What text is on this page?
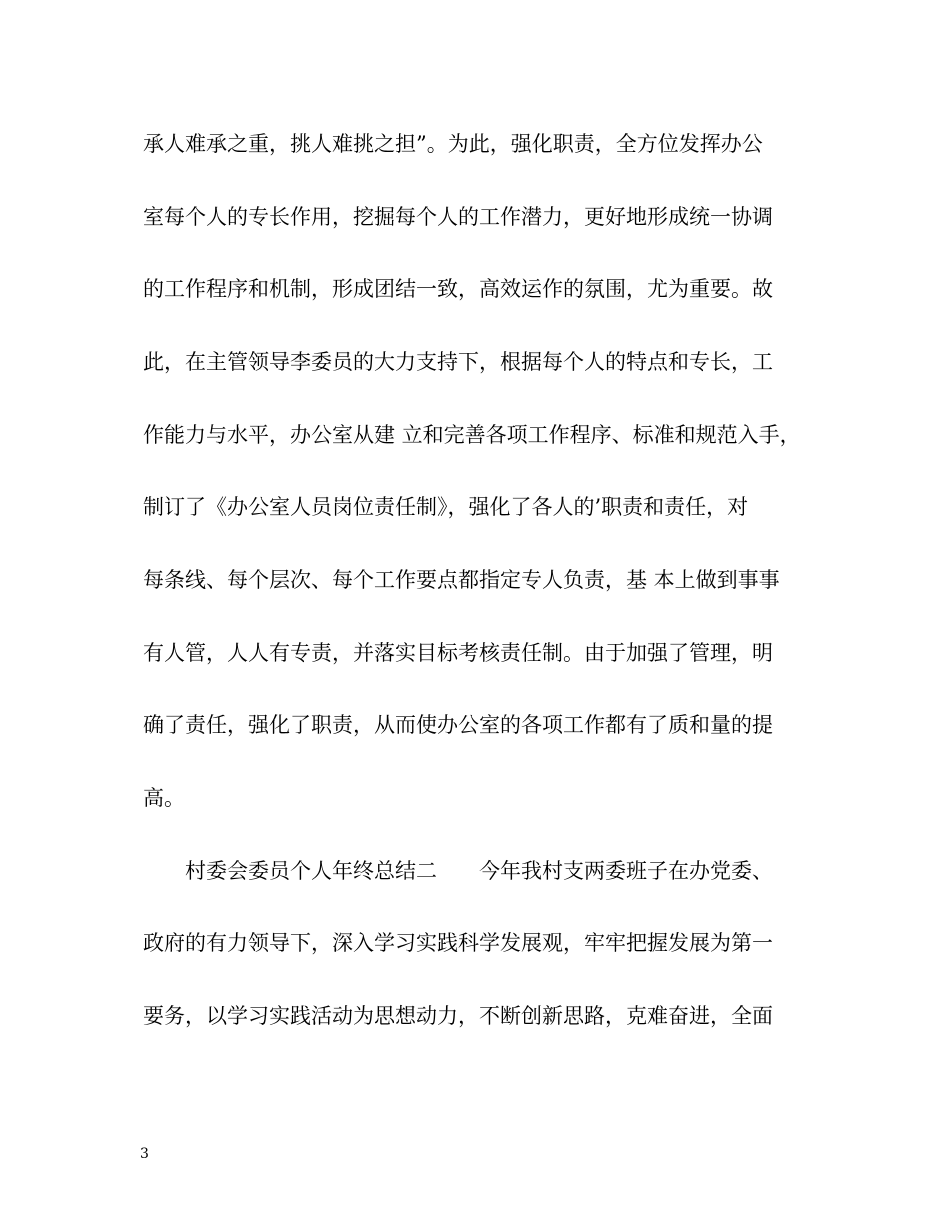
承人难承之重，挑人难挑之担”。为此，强化职责，全方位发挥办公
室每个人的专长作用，挖掘每个人的工作潜力，更好地形成统一协调
的工作程序和机制，形成团结一致，高效运作的氛围，尤为重要。故
此，在主管领导李委员的大力支持下，根据每个人的特点和专长，工
作能力与水平，办公室从建 立和完善各项工作程序、标准和规范入手，
制订了《办公室人员岗位责任制》，强化了各人的’职责和责任，对
每条线、每个层次、每个工作要点都指定专人负责，基 本上做到事事
有人管，人人有专责，并落实目标考核责任制。由于加强了管理，明
确了责任，强化了职责，从而使办公室的各项工作都有了质和量的提
高。
　　村委会委员个人年终总结二　　今年我村支两委班子在办党委、
政府的有力领导下，深入学习实践科学发展观，牢牢把握发展为第一
要务，以学习实践活动为思想动力，不断创新思路，克难奋进，全面
3
